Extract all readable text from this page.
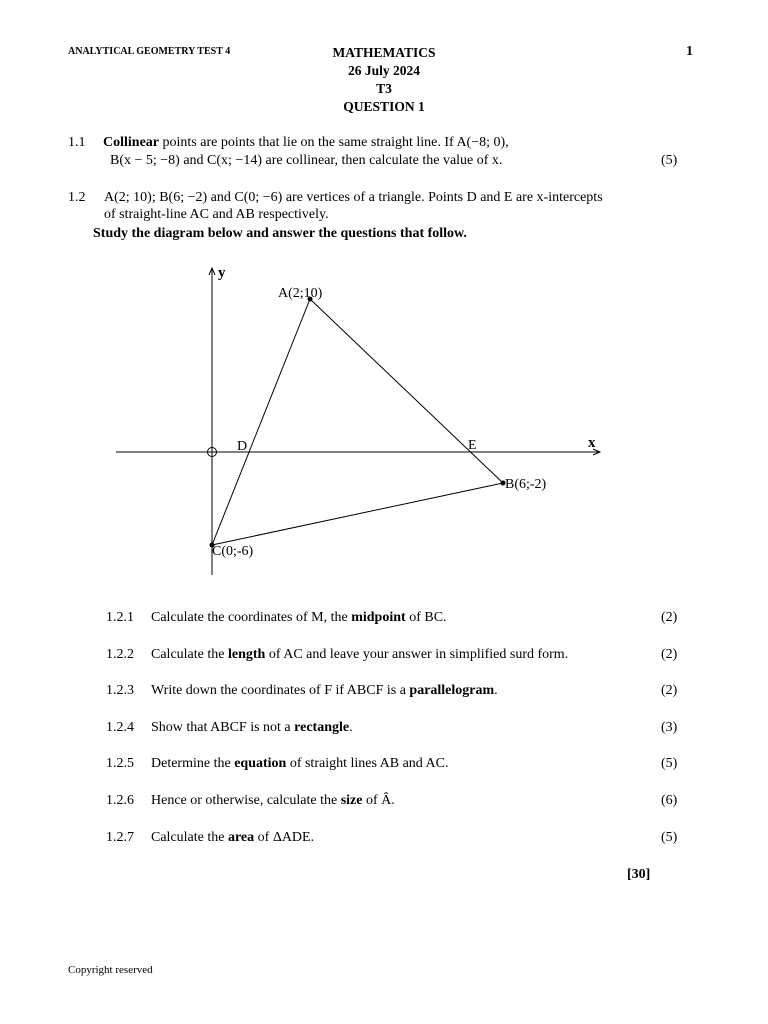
ANALYTICAL GEOMETRY TEST 4	MATHEMATICS
26 July 2024
T3
QUESTION 1
1
1.1 Collinear points are points that lie on the same straight line. If A(−8; 0),
B(x − 5; −8) and C(x; −14) are collinear, then calculate the value of x.	(5)
1.2 A(2; 10); B(6; −2) and C(0; −6) are vertices of a triangle. Points D and E are x-intercepts
of straight-line AC and AB respectively.
Study the diagram below and answer the questions that follow.
y
x
A(2;10)
B(6;-2)
C(0;-6)
D	E
1.2.1 Calculate the coordinates of M, the midpoint of BC.	(2)
1.2.2 Calculate the length of AC and leave your answer in simplified surd form.	(2)
1.2.3 Write down the coordinates of F if ABCF is a parallelogram.	(2)
1.2.4 Show that ABCF is not a rectangle.	(3)
1.2.5 Determine the equation of straight lines AB and AC.	(5)
1.2.6 Hence or otherwise, calculate the size of Â.	(6)
1.2.7 Calculate the area of ΔADE.	(5)
[30]
Copyright reserved
